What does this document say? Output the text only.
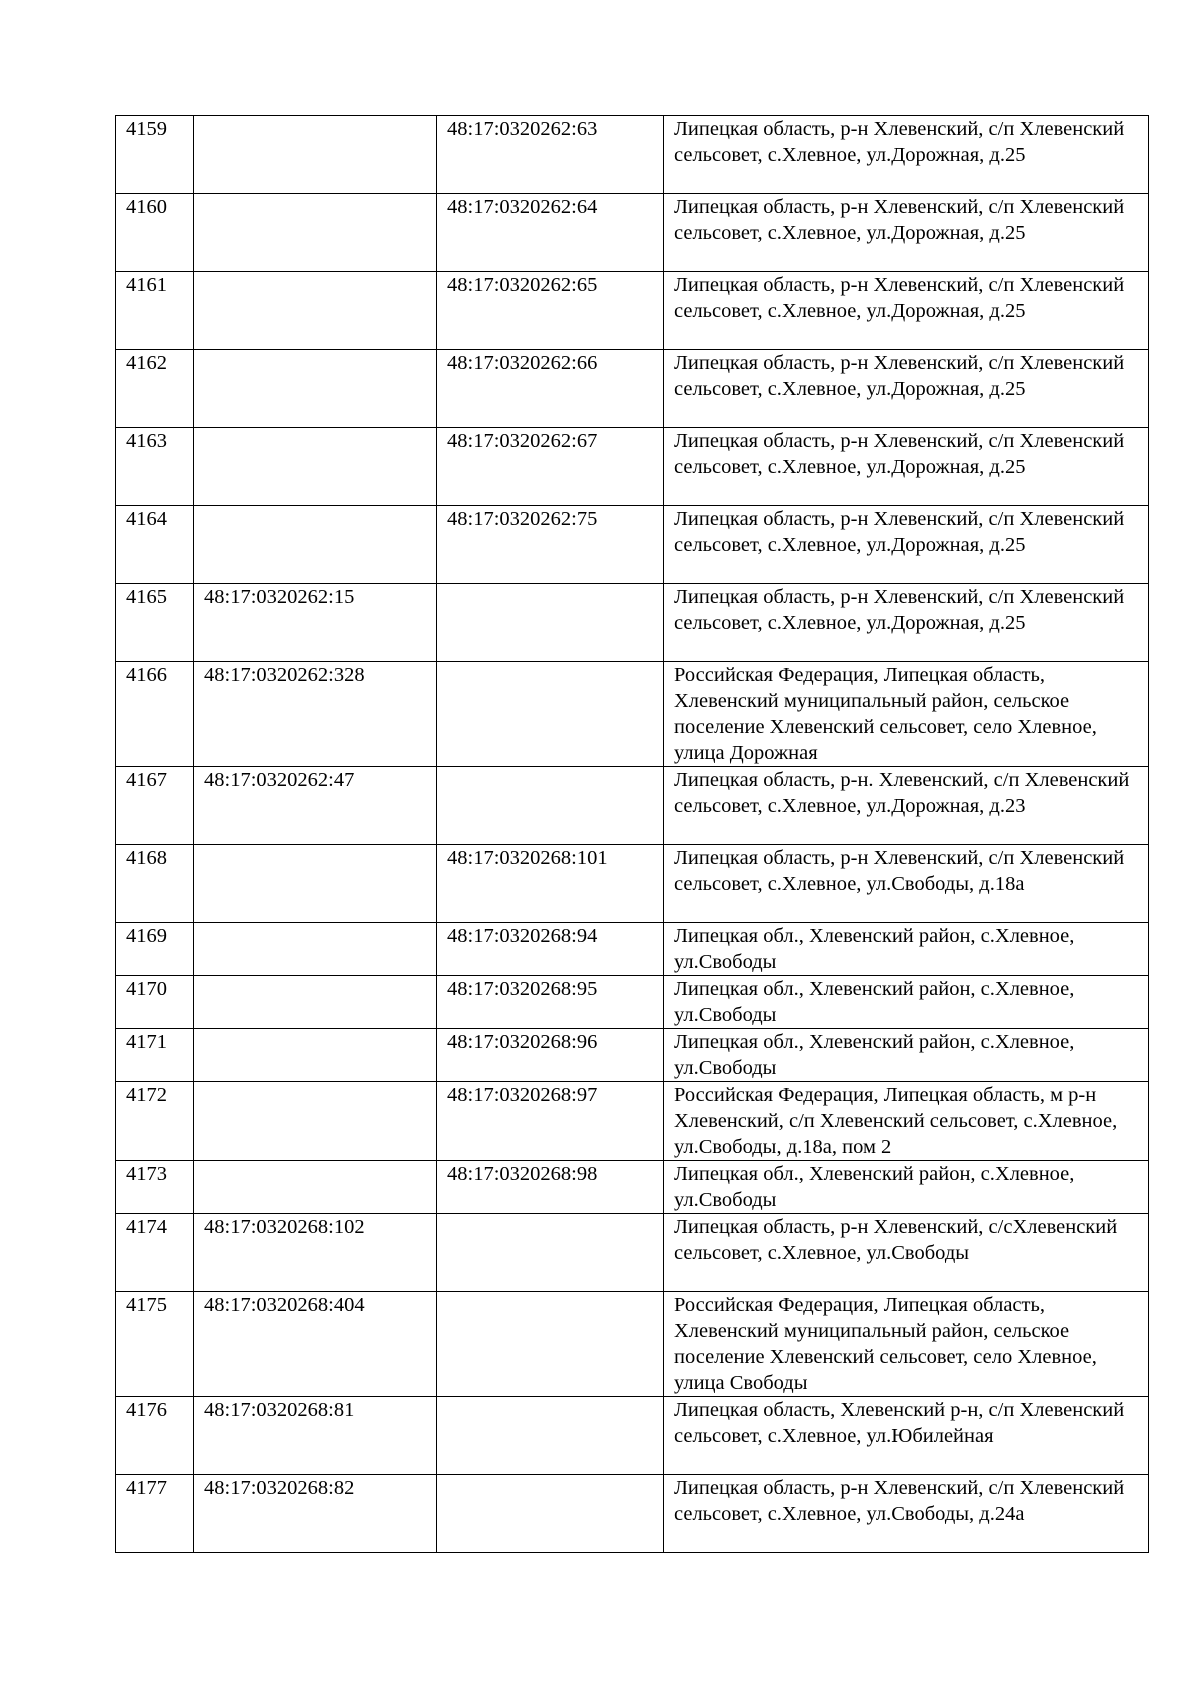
4159		48:17:0320262:63	Липецкая область, р-н Хлевенский, с/п Хлевенский сельсовет, с.Хлевное, ул.Дорожная, д.25
4160		48:17:0320262:64	Липецкая область, р-н Хлевенский, с/п Хлевенский сельсовет, с.Хлевное, ул.Дорожная, д.25
4161		48:17:0320262:65	Липецкая область, р-н Хлевенский, с/п Хлевенский сельсовет, с.Хлевное, ул.Дорожная, д.25
4162		48:17:0320262:66	Липецкая область, р-н Хлевенский, с/п Хлевенский сельсовет, с.Хлевное, ул.Дорожная, д.25
4163		48:17:0320262:67	Липецкая область, р-н Хлевенский, с/п Хлевенский сельсовет, с.Хлевное, ул.Дорожная, д.25
4164		48:17:0320262:75	Липецкая область, р-н Хлевенский, с/п Хлевенский сельсовет, с.Хлевное, ул.Дорожная, д.25
4165	48:17:0320262:15		Липецкая область, р-н Хлевенский, с/п Хлевенский сельсовет, с.Хлевное, ул.Дорожная, д.25
4166	48:17:0320262:328		Российская Федерация, Липецкая область, Хлевенский муниципальный район, сельское поселение Хлевенский сельсовет, село Хлевное, улица Дорожная
4167	48:17:0320262:47		Липецкая область, р-н. Хлевенский, с/п Хлевенский сельсовет, с.Хлевное, ул.Дорожная, д.23
4168		48:17:0320268:101	Липецкая область, р-н Хлевенский, с/п Хлевенский сельсовет, с.Хлевное, ул.Свободы, д.18а
4169		48:17:0320268:94	Липецкая обл., Хлевенский район, с.Хлевное, ул.Свободы
4170		48:17:0320268:95	Липецкая обл., Хлевенский район, с.Хлевное, ул.Свободы
4171		48:17:0320268:96	Липецкая обл., Хлевенский район, с.Хлевное, ул.Свободы
4172		48:17:0320268:97	Российская Федерация, Липецкая область, м р-н Хлевенский, с/п Хлевенский сельсовет, с.Хлевное, ул.Свободы, д.18а, пом 2
4173		48:17:0320268:98	Липецкая обл., Хлевенский район, с.Хлевное, ул.Свободы
4174	48:17:0320268:102		Липецкая область, р-н Хлевенский, с/сХлевенский сельсовет, с.Хлевное, ул.Свободы
4175	48:17:0320268:404		Российская Федерация, Липецкая область, Хлевенский муниципальный район, сельское поселение Хлевенский сельсовет, село Хлевное, улица Свободы
4176	48:17:0320268:81		Липецкая область, Хлевенский р-н, с/п Хлевенский сельсовет, с.Хлевное, ул.Юбилейная
4177	48:17:0320268:82		Липецкая область, р-н Хлевенский, с/п Хлевенский сельсовет, с.Хлевное, ул.Свободы, д.24а
